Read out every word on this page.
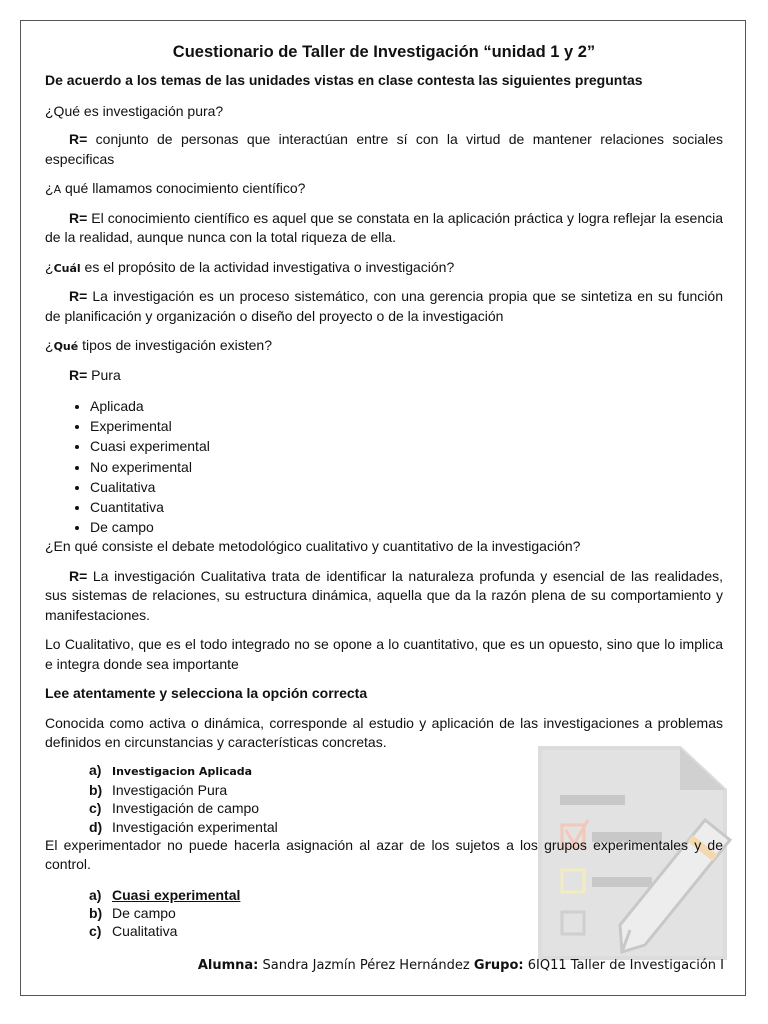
Cuestionario de Taller de Investigación “unidad 1 y 2”
De acuerdo a los temas de las unidades vistas en clase contesta las siguientes preguntas
¿Qué es investigación pura?
R= conjunto de personas que interactúan entre sí con la virtud de mantener relaciones sociales especificas
¿A qué llamamos conocimiento científico?
R= El conocimiento científico es aquel que se constata en la aplicación práctica y logra reflejar la esencia de la realidad, aunque nunca con la total riqueza de ella.
¿Cuál es el propósito de la actividad investigativa o investigación?
R= La investigación es un proceso sistemático, con una gerencia propia que se sintetiza en su función de planificación y organización o diseño del proyecto o de la investigación
¿Qué tipos de investigación existen?
R= Pura
• Aplicada
• Experimental
• Cuasi experimental
• No experimental
• Cualitativa
• Cuantitativa
• De campo
¿En qué consiste el debate metodológico cualitativo y cuantitativo de la investigación?
R= La investigación Cualitativa trata de identificar la naturaleza profunda y esencial de las realidades, sus sistemas de relaciones, su estructura dinámica, aquella que da la razón plena de su comportamiento y manifestaciones.
Lo Cualitativo, que es el todo integrado no se opone a lo cuantitativo, que es un opuesto, sino que lo implica e integra donde sea importante
Lee atentamente y selecciona la opción correcta
Conocida como activa o dinámica, corresponde al estudio y aplicación de las investigaciones a problemas definidos en circunstancias y características concretas.
a) Investigacion Aplicada
b) Investigación Pura
c) Investigación de campo
d) Investigación experimental
El experimentador no puede hacerla asignación al azar de los sujetos a los grupos experimentales y de control.
a) Cuasi experimental
b) De campo
c) Cualitativa
Alumna: Sandra Jazmín Pérez Hernández Grupo: 6IQ11 Taller de Investigación I
